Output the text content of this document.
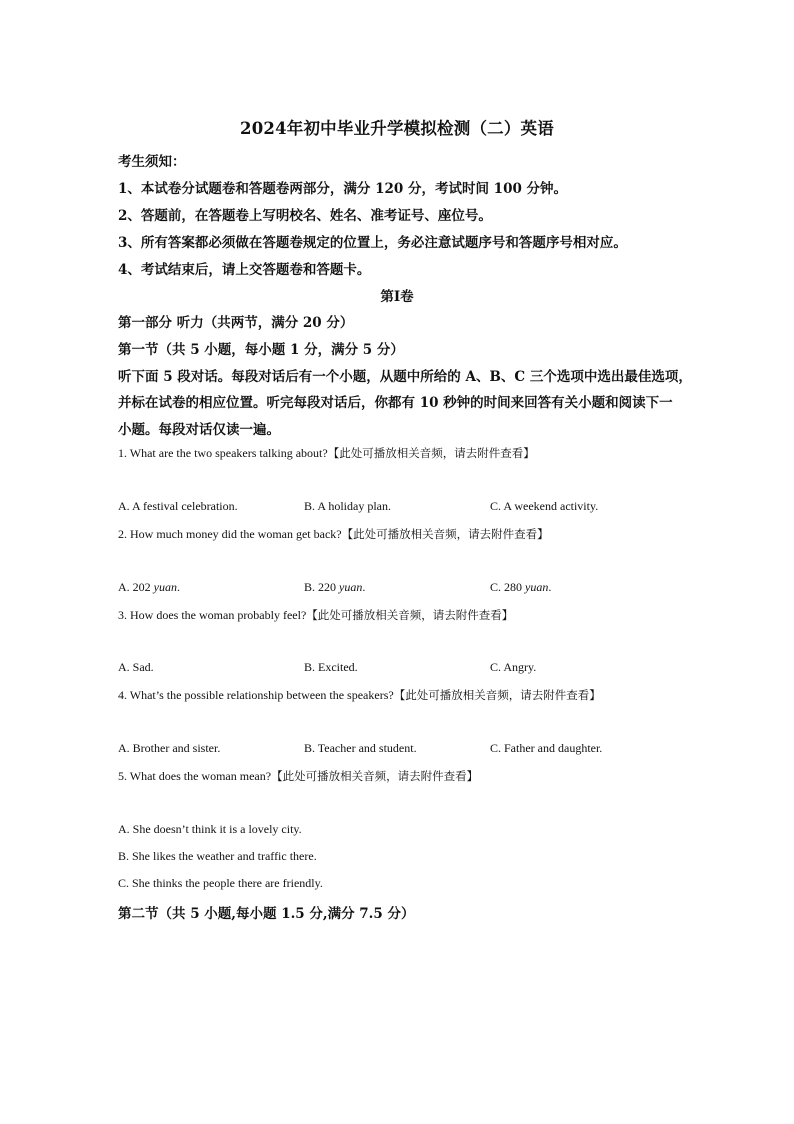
2024年初中毕业升学模拟检测（二）英语
考生须知：
1、本试卷分试题卷和答题卷两部分，满分 120 分，考试时间 100 分钟。
2、答题前，在答题卷上写明校名、姓名、准考证号、座位号。
3、所有答案都必须做在答题卷规定的位置上，务必注意试题序号和答题序号相对应。
4、考试结束后，请上交答题卷和答题卡。
第Ⅰ卷
第一部分 听力（共两节，满分 20 分）
第一节（共 5 小题，每小题 1 分，满分 5 分）
听下面 5 段对话。每段对话后有一个小题，从题中所给的 A、B、C 三个选项中选出最佳选项，
并标在试卷的相应位置。听完每段对话后，你都有 10 秒钟的时间来回答有关小题和阅读下一
小题。每段对话仅读一遍。
1. What are the two speakers talking about?【此处可播放相关音频，请去附件查看】
A. A festival celebration.	B. A holiday plan.	C. A weekend activity.
2. How much money did the woman get back?【此处可播放相关音频，请去附件查看】
A. 202 yuan.	B. 220 yuan.	C. 280 yuan.
3. How does the woman probably feel?【此处可播放相关音频，请去附件查看】
A. Sad.	B. Excited.	C. Angry.
4. What’s the possible relationship between the speakers?【此处可播放相关音频，请去附件查看】
A. Brother and sister.	B. Teacher and student.	C. Father and daughter.
5. What does the woman mean?【此处可播放相关音频，请去附件查看】
A. She doesn’t think it is a lovely city.
B. She likes the weather and traffic there.
C. She thinks the people there are friendly.
第二节（共 5 小题,每小题 1.5 分,满分 7.5 分）
